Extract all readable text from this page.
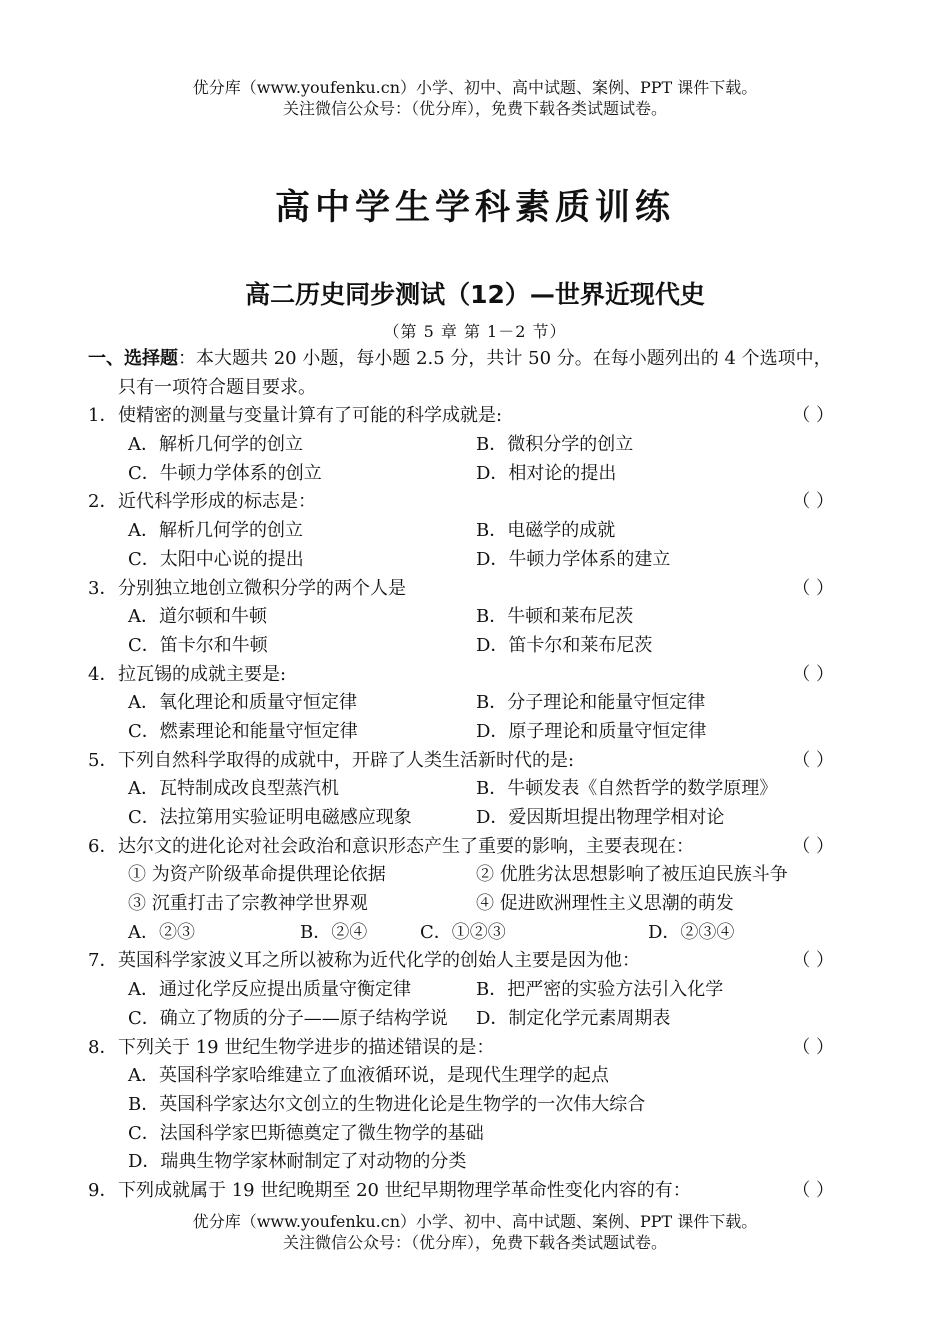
优分库（www.youfenku.cn）小学、初中、高中试题、案例、PPT 课件下载。
关注微信公众号：（优分库），免费下载各类试题试卷。
高中学生学科素质训练
高二历史同步测试（12）—世界近现代史
（第 5 章 第 1－2 节）
一、选择题：本大题共 20 小题，每小题 2.5 分，共计 50 分。在每小题列出的 4 个选项中，
只有一项符合题目要求。
1．使精密的测量与变量计算有了可能的科学成就是:	（ ）
A．解析几何学的创立	B．微积分学的创立
C．牛顿力学体系的创立	D．相对论的提出
2．近代科学形成的标志是：	（ ）
A．解析几何学的创立	B．电磁学的成就
C．太阳中心说的提出	D．牛顿力学体系的建立
3．分别独立地创立微积分学的两个人是	（ ）
A．道尔顿和牛顿	B．牛顿和莱布尼茨
C．笛卡尔和牛顿	D．笛卡尔和莱布尼茨
4．拉瓦锡的成就主要是:	（ ）
A．氧化理论和质量守恒定律	B．分子理论和能量守恒定律
C．燃素理论和能量守恒定律	D．原子理论和质量守恒定律
5．下列自然科学取得的成就中，开辟了人类生活新时代的是:	（ ）
A．瓦特制成改良型蒸汽机	B．牛顿发表《自然哲学的数学原理》
C．法拉第用实验证明电磁感应现象	D．爱因斯坦提出物理学相对论
6．达尔文的进化论对社会政治和意识形态产生了重要的影响，主要表现在：	（ ）
① 为资产阶级革命提供理论依据	② 优胜劣汰思想影响了被压迫民族斗争
③ 沉重打击了宗教神学世界观	④ 促进欧洲理性主义思潮的萌发
A．②③	B．②④	C．①②③	D．②③④
7．英国科学家波义耳之所以被称为近代化学的创始人主要是因为他：	（ ）
A．通过化学反应提出质量守衡定律	B．把严密的实验方法引入化学
C．确立了物质的分子——原子结构学说 D．制定化学元素周期表
8．下列关于 19 世纪生物学进步的描述错误的是：	（ ）
A．英国科学家哈维建立了血液循环说，是现代生理学的起点
B．英国科学家达尔文创立的生物进化论是生物学的一次伟大综合
C．法国科学家巴斯德奠定了微生物学的基础
D．瑞典生物学家林耐制定了对动物的分类
9．下列成就属于 19 世纪晚期至 20 世纪早期物理学革命性变化内容的有：	（ ）
优分库（www.youfenku.cn）小学、初中、高中试题、案例、PPT 课件下载。
关注微信公众号：（优分库），免费下载各类试题试卷。
